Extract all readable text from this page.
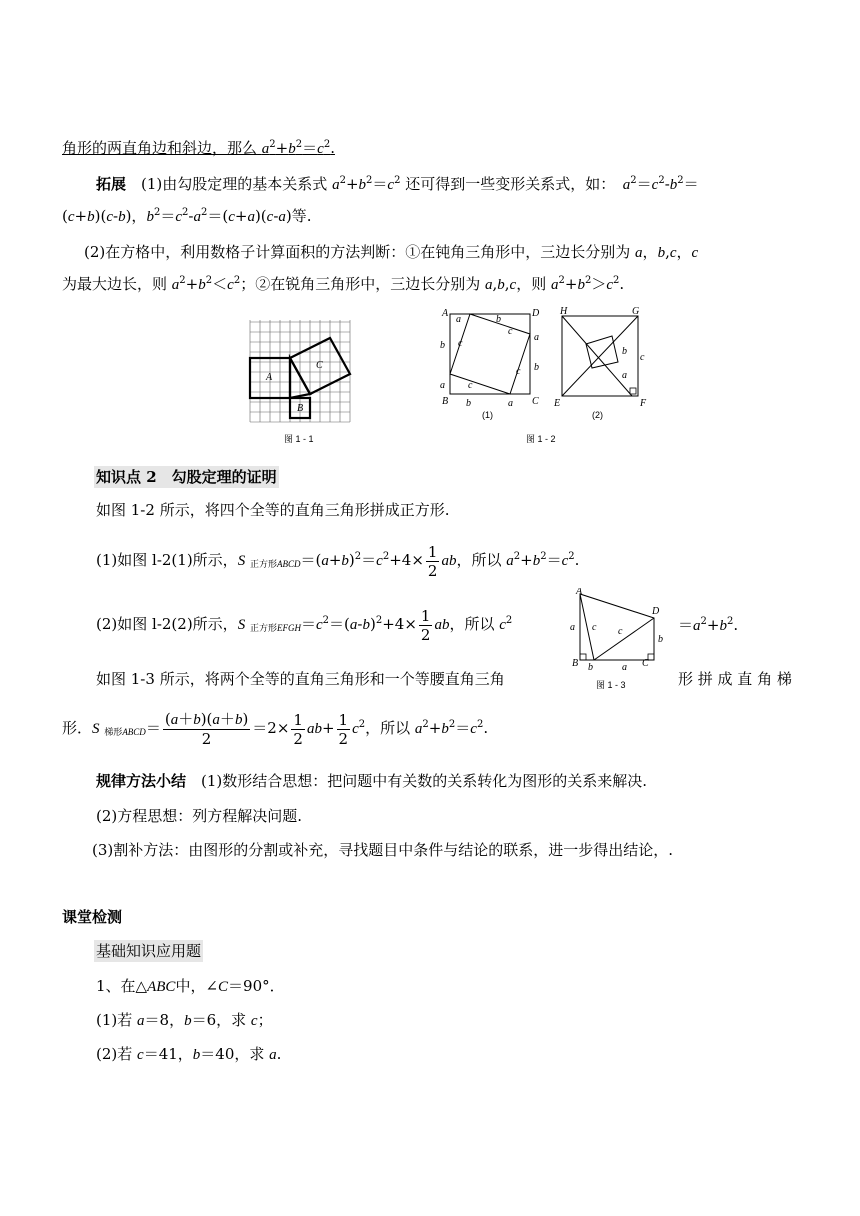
角形的两直角边和斜边，那么 $a^2+b^2=c^2$.
拓展　 (1)由勾股定理的基本关系式 $a^2+b^2=c^2$ 还可得到一些变形关系式，如：　 $a^2=c^2-b^2=$
(c+b)(c-b)，$b^2=c^2-a^2=(c+a)(c-a)$等.
(2)在方格中，利用数格子计算面积的方法判断：①在钝角三角形中，三边长分别为 a，b,c，c
为最大边长，则 $a^2+b^2<c^2$；②在锐角三角形中，三边长分别为 a,b,c，则 $a^2+b^2>c^2$.
A
C
B
图 1 - 1
A	D
B	C
a	b
c
a
b
b
a
c
c
c
b	a
(1)
H	G
E	F
c
a
b
(2)
图 1 - 2
知识点 2　勾股定理的证明
如图 1-2 所示，将四个全等的直角三角形拼成正方形.
(1)如图 l-2(1)所示，S $_{正方形ABCD}=(a+b)^2=c^2+4\times \frac{1}{2}$ ab，所以 $a^2+b^2=c^2$.
(2)如图 l-2(2)所示，S $_{正方形EFGH}=c^2=(a-b)^2+4\times \frac{1}{2}$ ab，所以 $c^2$	$=a^2+b^2$.
A
D
B	C
a c c
b
b	a
图 1 - 3
如图 1-3 所示，将两个全等的直角三角形和一个等腰直角三角	形 拼 成 直 角 梯
形．S $_{梯形ABCD}= \frac{(a+b)(a+b)}{2} =2\times \frac{1}{2} ab+ \frac{1}{2} c^2$，所以 $a^2+b^2=c^2$.
规律方法小结　 (1)数形结合思想：把问题中有关数的关系转化为图形的关系来解决.
(2)方程思想：列方程解决问题.
(3)割补方法：由图形的分割或补充，寻找题目中条件与结论的联系，进一步得出结论，.
课堂检测
基础知识应用题
1、在△ABC中，∠C＝90°．
(1)若 a＝8，b＝6，求 c；
(2)若 c＝41，b＝40，求 a.
